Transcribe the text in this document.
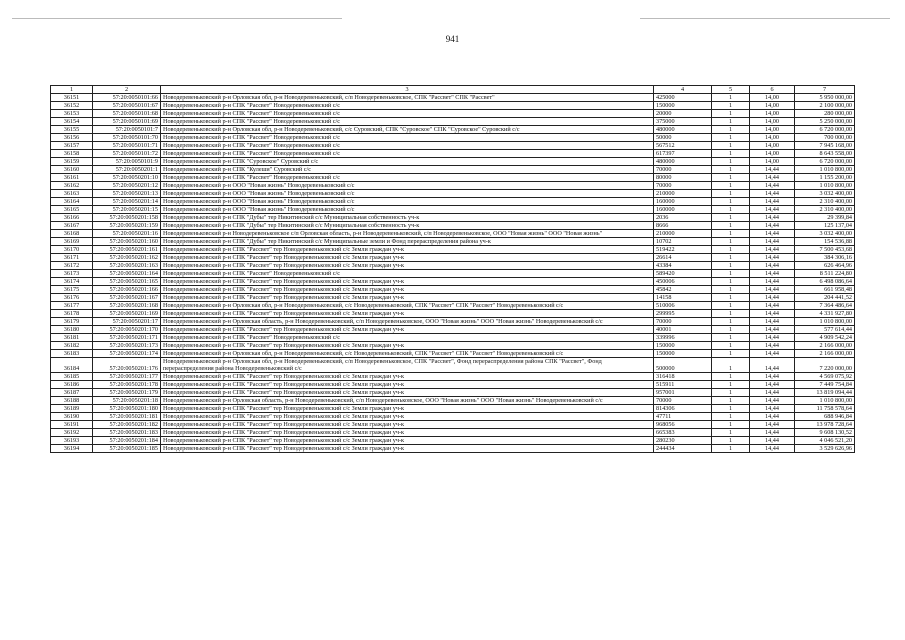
941
1	2	3	4	5	6	7
36151	57:20:0050101:66	Новодеревеньковский р-н Орловская обл, р-н Новодеревеньковский, с/п Новодеревеньковское, СПК "Рассвет" СПК "Рассвет"	425000	1	14,00	5 950 000,00
36152	57:20:0050101:67	Новодеревеньковский р-н СПК "Рассвет" Новодеревеньковский с/с	150000	1	14,00	2 100 000,00
36153	57:20:0050101:68	Новодеревеньковский р-н СПК "Рассвет" Новодеревеньковский с/с	20000	1	14,00	280 000,00
36154	57:20:0050101:69	Новодеревеньковский р-н СПК "Рассвет" Новодеревеньковский с/с	375000	1	14,00	5 250 000,00
36155	57:20:0050101:7	Новодеревеньковский р-н Орловская обл, р-н Новодеревеньковский, с/с Суровский, СПК "Суровское" СПК "Суровское" Суровский с/с	480000	1	14,00	6 720 000,00
36156	57:20:0050101:70	Новодеревеньковский р-н СПК "Рассвет" Новодеревеньковский с/с	50000	1	14,00	700 000,00
36157	57:20:0050101:71	Новодеревеньковский р-н СПК "Рассвет" Новодеревеньковский с/с	567512	1	14,00	7 945 168,00
36158	57:20:0050101:72	Новодеревеньковский р-н СПК "Рассвет" Новодеревеньковский с/с	617397	1	14,00	8 643 558,00
36159	57:20:0050101:9	Новодеревеньковский р-н СПК "Суровское" Суровский с/с	480000	1	14,00	6 720 000,00
36160	57:20:0050201:1	Новодеревеньковский р-н СПК "Кулеши" Суровский с/с	70000	1	14,44	1 010 800,00
36161	57:20:0050201:10	Новодеревеньковский р-н СПК "Рассвет" Новодеревеньковский с/с	80000	1	14,44	1 155 200,00
36162	57:20:0050201:12	Новодеревеньковский р-н ООО "Новая жизнь" Новодеревеньковский с/с	70000	1	14,44	1 010 800,00
36163	57:20:0050201:13	Новодеревеньковский р-н ООО "Новая жизнь" Новодеревеньковский с/с	210000	1	14,44	3 032 400,00
36164	57:20:0050201:14	Новодеревеньковский р-н ООО "Новая жизнь" Новодеревеньковский с/с	160000	1	14,44	2 310 400,00
36165	57:20:0050201:15	Новодеревеньковский р-н ООО "Новая жизнь" Новодеревеньковский с/с	160000	1	14,44	2 310 400,00
36166	57:20:0050201:158	Новодеревеньковский р-н СПК "Дубы" тер Никитинский с/с Муниципальная собственность уч-к	2036	1	14,44	29 399,84
36167	57:20:0050201:159	Новодеревеньковский р-н СПК "Дубы" тер Никитинский с/с Муниципальная собственность уч-к	8666	1	14,44	125 137,04
36168	57:20:0050201:16	Новодеревеньковский р-н Новодеревеньковское с/п Орловская область, р-н Новодеревеньковский, с/п Новодеревеньковское, ООО "Новая жизнь" ООО "Новая жизнь"	210000	1	14,44	3 032 400,00
36169	57:20:0050201:160	Новодеревеньковский р-н СПК "Дубы" тер Никитинский с/с Муниципальные земли и Фонд перераспределения района уч-к	10702	1	14,44	154 536,88
36170	57:20:0050201:161	Новодеревеньковский р-н СПК "Рассвет" тер Новодеревеньковский с/с Земли граждан уч-к	519422	1	14,44	7 500 453,68
36171	57:20:0050201:162	Новодеревеньковский р-н СПК "Рассвет" тер Новодеревеньковский с/с Земли граждан уч-к	26614	1	14,44	384 306,16
36172	57:20:0050201:163	Новодеревеньковский р-н СПК "Рассвет" тер Новодеревеньковский с/с Земли граждан уч-к	43384	1	14,44	626 464,96
36173	57:20:0050201:164	Новодеревеньковский р-н СПК "Рассвет" Новодеревеньковский с/с	589420	1	14,44	8 511 224,80
36174	57:20:0050201:165	Новодеревеньковский р-н СПК "Рассвет" тер Новодеревеньковский с/с Земли граждан уч-к	450006	1	14,44	6 498 086,64
36175	57:20:0050201:166	Новодеревеньковский р-н СПК "Рассвет" тер Новодеревеньковский с/с Земли граждан уч-к	45842	1	14,44	661 958,48
36176	57:20:0050201:167	Новодеревеньковский р-н СПК "Рассвет" тер Новодеревеньковский с/с Земли граждан уч-к	14158	1	14,44	204 441,52
36177	57:20:0050201:168	Новодеревеньковский р-н Орловская обл, р-н Новодеревеньковский, с/с Новодеревеньковский, СПК "Рассвет" СПК "Рассвет" Новодеревеньковский с/с	510006	1	14,44	7 364 486,64
36178	57:20:0050201:169	Новодеревеньковский р-н СПК "Рассвет" тер Новодеревеньковский с/с Земли граждан уч-к	299995	1	14,44	4 331 927,80
36179	57:20:0050201:17	Новодеревеньковский р-н Орловская область, р-н Новодеревеньковский, с/п Новодеревеньковское, ООО "Новая жизнь" ООО "Новая жизнь" Новодеревеньковский с/с	70000	1	14,44	1 010 800,00
36180	57:20:0050201:170	Новодеревеньковский р-н СПК "Рассвет" тер Новодеревеньковский с/с Земли граждан уч-к	40001	1	14,44	577 614,44
36181	57:20:0050201:171	Новодеревеньковский р-н СПК "Рассвет" Новодеревеньковский с/с	339996	1	14,44	4 909 542,24
36182	57:20:0050201:173	Новодеревеньковский р-н СПК "Рассвет" тер Новодеревеньковский с/с Земли граждан уч-к	150000	1	14,44	2 166 000,00
36183	57:20:0050201:174	Новодеревеньковский р-н Орловская обл, р-н Новодеревеньковский, с/с Новодеревеньковский, СПК "Рассвет" СПК "Рассвет" Новодеревеньковский с/с	150000	1	14,44	2 166 000,00
36184	57:20:0050201:176	Новодеревеньковский р-н Орловская обл, р-н Новодеревеньковский, с/п Новодеревеньковское, СПК "Рассвет", Фонд перераспределения района СПК "Рассвет", Фонд перераспределения района Новодеревеньковский с/с	500000	1	14,44	7 220 000,00
36185	57:20:0050201:177	Новодеревеньковский р-н СПК "Рассвет" тер Новодеревеньковский с/с Земли граждан уч-к	316418	1	14,44	4 569 075,92
36186	57:20:0050201:178	Новодеревеньковский р-н СПК "Рассвет" тер Новодеревеньковский с/с Земли граждан уч-к	515911	1	14,44	7 449 754,84
36187	57:20:0050201:179	Новодеревеньковский р-н СПК "Рассвет" тер Новодеревеньковский с/с Земли граждан уч-к	957001	1	14,44	13 819 094,44
36188	57:20:0050201:18	Новодеревеньковский р-н Орловская область, р-н Новодеревеньковский, с/п Новодеревеньковское, ООО "Новая жизнь" ООО "Новая жизнь" Новодеревеньковский с/с	70000	1	14,44	1 010 800,00
36189	57:20:0050201:180	Новодеревеньковский р-н СПК "Рассвет" тер Новодеревеньковский с/с Земли граждан уч-к	814306	1	14,44	11 758 578,64
36190	57:20:0050201:181	Новодеревеньковский р-н СПК "Рассвет" тер Новодеревеньковский с/с Земли граждан уч-к	47711	1	14,44	688 946,84
36191	57:20:0050201:182	Новодеревеньковский р-н СПК "Рассвет" тер Новодеревеньковский с/с Земли граждан уч-к	968056	1	14,44	13 978 728,64
36192	57:20:0050201:183	Новодеревеньковский р-н СПК "Рассвет" тер Новодеревеньковский с/с Земли граждан уч-к	665383	1	14,44	9 608 130,52
36193	57:20:0050201:184	Новодеревеньковский р-н СПК "Рассвет" тер Новодеревеньковский с/с Земли граждан уч-к	280230	1	14,44	4 046 521,20
36194	57:20:0050201:185	Новодеревеньковский р-н СПК "Рассвет" тер Новодеревеньковский с/с Земли граждан уч-к	244434	1	14,44	3 529 626,96
